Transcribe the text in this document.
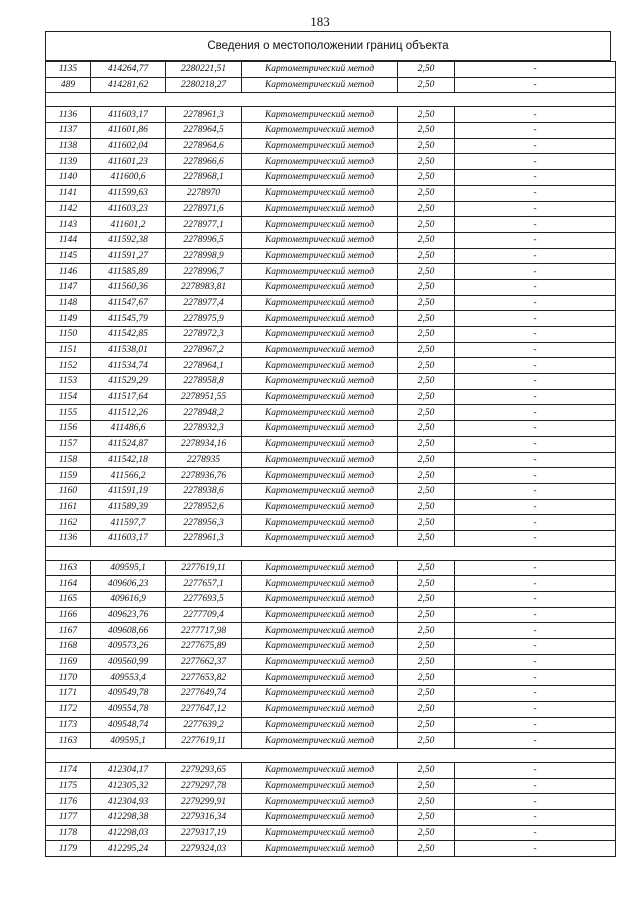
183
Сведения о местоположении границ объекта
1135	414264,77	2280221,51	Картометрический метод	2,50	-
489	414281,62	2280218,27	Картометрический метод	2,50	-

1136	411603,17	2278961,3	Картометрический метод	2,50	-
1137	411601,86	2278964,5	Картометрический метод	2,50	-
1138	411602,04	2278964,6	Картометрический метод	2,50	-
1139	411601,23	2278966,6	Картометрический метод	2,50	-
1140	411600,6	2278968,1	Картометрический метод	2,50	-
1141	411599,63	2278970	Картометрический метод	2,50	-
1142	411603,23	2278971,6	Картометрический метод	2,50	-
1143	411601,2	2278977,1	Картометрический метод	2,50	-
1144	411592,38	2278996,5	Картометрический метод	2,50	-
1145	411591,27	2278998,9	Картометрический метод	2,50	-
1146	411585,89	2278996,7	Картометрический метод	2,50	-
1147	411560,36	2278983,81	Картометрический метод	2,50	-
1148	411547,67	2278977,4	Картометрический метод	2,50	-
1149	411545,79	2278975,9	Картометрический метод	2,50	-
1150	411542,85	2278972,3	Картометрический метод	2,50	-
1151	411538,01	2278967,2	Картометрический метод	2,50	-
1152	411534,74	2278964,1	Картометрический метод	2,50	-
1153	411529,29	2278958,8	Картометрический метод	2,50	-
1154	411517,64	2278951,55	Картометрический метод	2,50	-
1155	411512,26	2278948,2	Картометрический метод	2,50	-
1156	411486,6	2278932,3	Картометрический метод	2,50	-
1157	411524,87	2278934,16	Картометрический метод	2,50	-
1158	411542,18	2278935	Картометрический метод	2,50	-
1159	411566,2	2278936,76	Картометрический метод	2,50	-
1160	411591,19	2278938,6	Картометрический метод	2,50	-
1161	411589,39	2278952,6	Картометрический метод	2,50	-
1162	411597,7	2278956,3	Картометрический метод	2,50	-
1136	411603,17	2278961,3	Картометрический метод	2,50	-

1163	409595,1	2277619,11	Картометрический метод	2,50	-
1164	409606,23	2277657,1	Картометрический метод	2,50	-
1165	409616,9	2277693,5	Картометрический метод	2,50	-
1166	409623,76	2277709,4	Картометрический метод	2,50	-
1167	409608,66	2277717,98	Картометрический метод	2,50	-
1168	409573,26	2277675,89	Картометрический метод	2,50	-
1169	409560,99	2277662,37	Картометрический метод	2,50	-
1170	409553,4	2277653,82	Картометрический метод	2,50	-
1171	409549,78	2277649,74	Картометрический метод	2,50	-
1172	409554,78	2277647,12	Картометрический метод	2,50	-
1173	409548,74	2277639,2	Картометрический метод	2,50	-
1163	409595,1	2277619,11	Картометрический метод	2,50	-

1174	412304,17	2279293,65	Картометрический метод	2,50	-
1175	412305,32	2279297,78	Картометрический метод	2,50	-
1176	412304,93	2279299,91	Картометрический метод	2,50	-
1177	412298,38	2279316,34	Картометрический метод	2,50	-
1178	412298,03	2279317,19	Картометрический метод	2,50	-
1179	412295,24	2279324,03	Картометрический метод	2,50	-
